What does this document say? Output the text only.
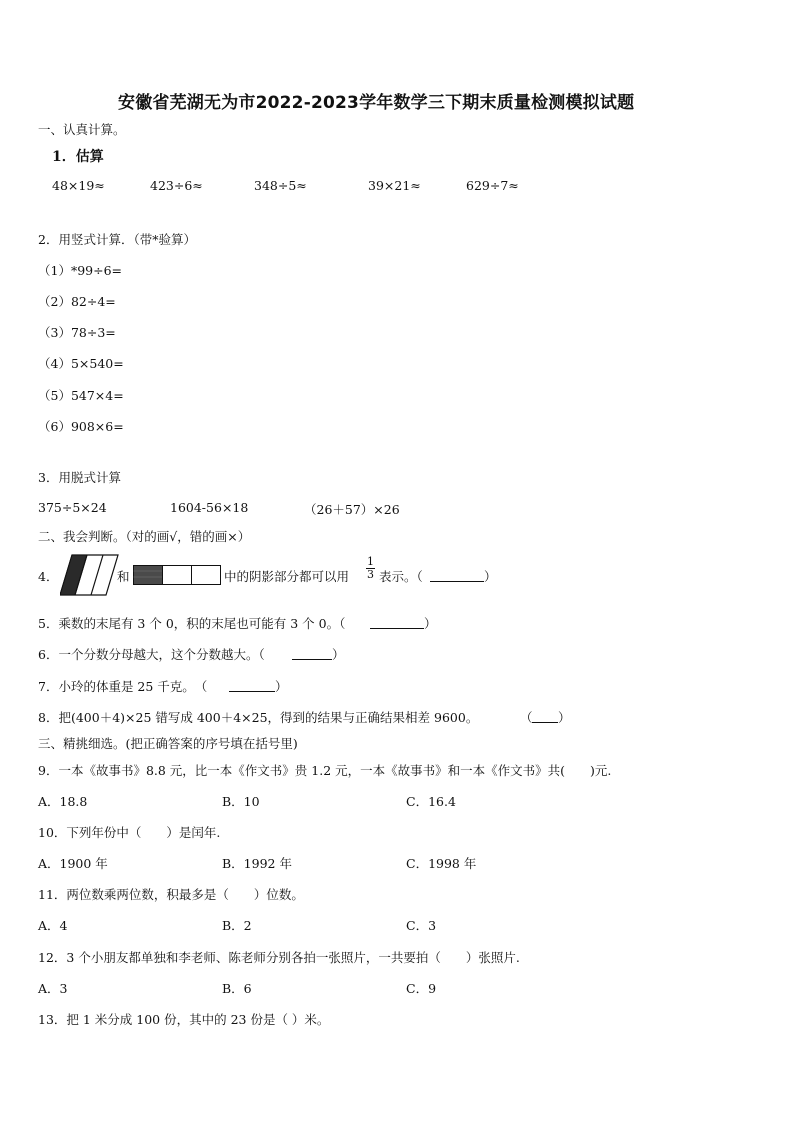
安徽省芜湖无为市2022-2023学年数学三下期末质量检测模拟试题
一、认真计算。
1．估算
48×19≈	423÷6≈	348÷5≈	39×21≈	629÷7≈
2．用竖式计算．（带*验算）
（1）*99÷6=
（2）82÷4=
（3）78÷3=
（4）5×540=
（5）547×4=
（6）908×6=
3．用脱式计算
375÷5×24	1604-56×18	（26＋57）×26
二、我会判断。（对的画√，错的画×）
4．	和	中的阴影部分都可以用 $\frac{1}{3}$ 表示。（	）
5．乘数的末尾有 3 个 0，积的末尾也可能有 3 个 0。（	）
6．一个分数分母越大，这个分数越大。（	）
7．小玲的体重是 25 千克。　（	）
8．把(400＋4)×25 错写成 400＋4×25，得到的结果与正确结果相差 9600。	（ ）
三、精挑细选。(把正确答案的序号填在括号里)
9．一本《故事书》8.8 元，比一本《作文书》贵 1.2 元，一本《故事书》和一本《作文书》共(　　)元.
A．18.8	B．10	C．16.4
10．下列年份中（　　）是闰年.
A．1900 年	B．1992 年	C．1998 年
11．两位数乘两位数，积最多是（　　）位数。
A．4	B．2	C．3
12．3 个小朋友都单独和李老师、陈老师分别各拍一张照片，一共要拍（　　）张照片.
A．3	B．6	C．9
13．把 1 米分成 100 份，其中的 23 份是（ ）米。
